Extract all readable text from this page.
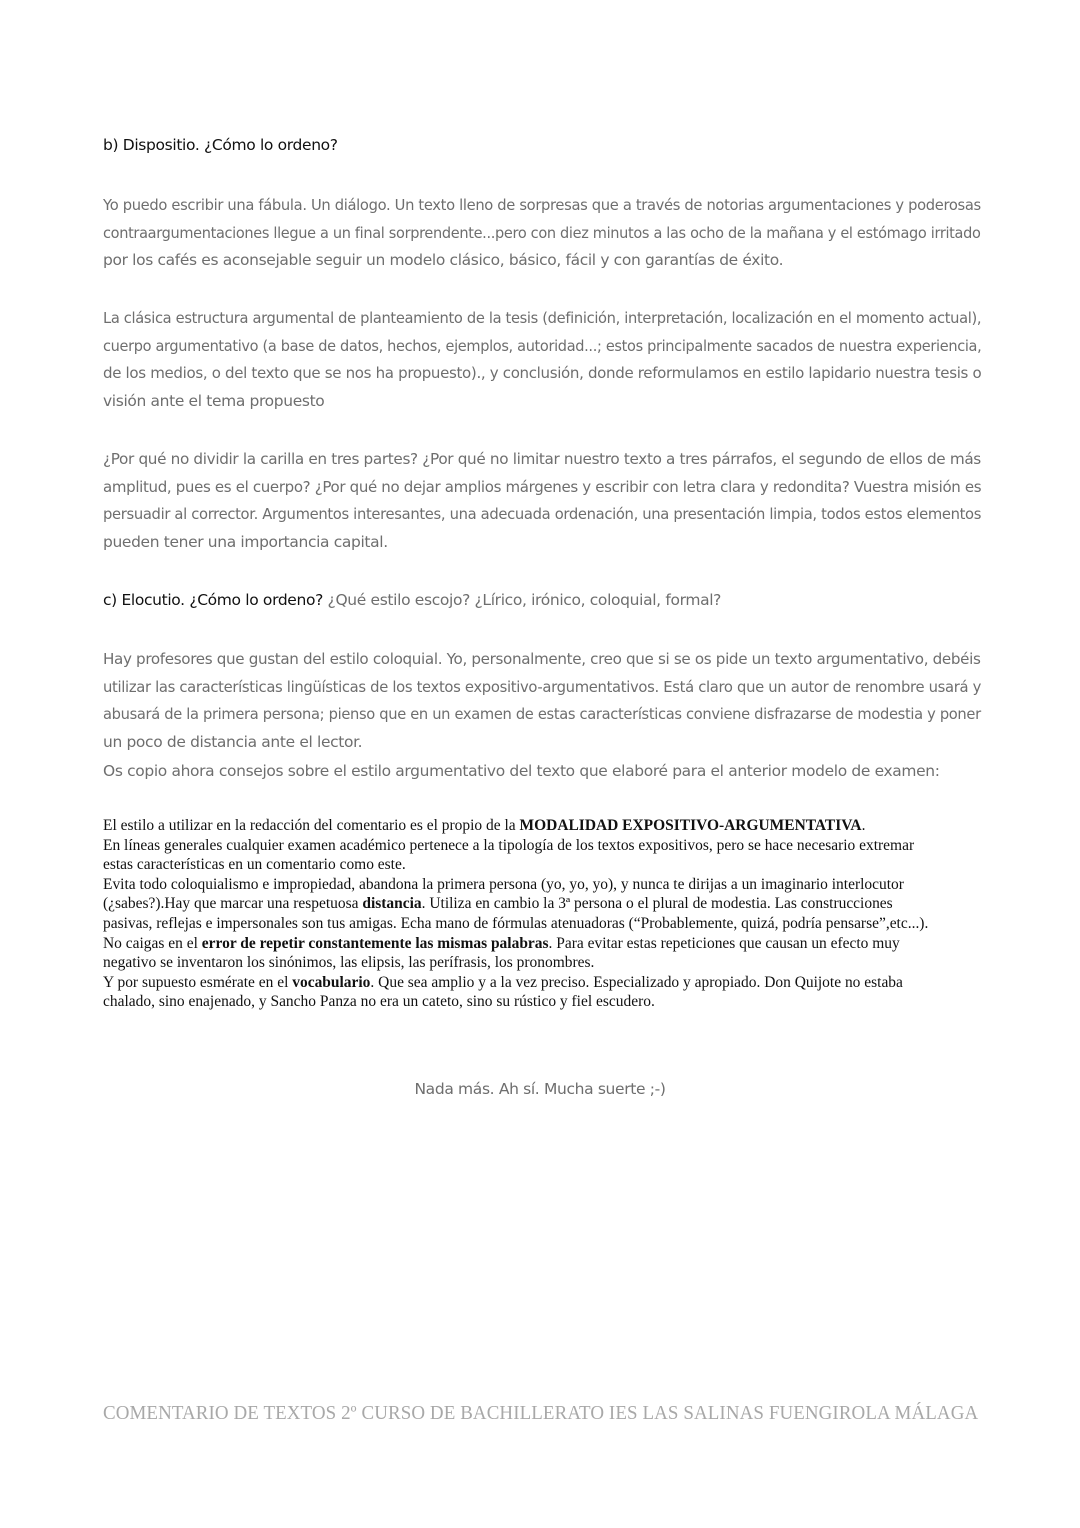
b) Dispositio. ¿Cómo lo ordeno?

Yo puedo escribir una fábula. Un diálogo. Un texto lleno de sorpresas que a través de notorias argumentaciones y poderosas
contraargumentaciones llegue a un final sorprendente...pero con diez minutos a las ocho de la mañana y el estómago irritado
por los cafés es aconsejable seguir un modelo clásico, básico, fácil y con garantías de éxito.

La clásica estructura argumental de planteamiento de la tesis (definición, interpretación, localización en el momento actual),
cuerpo argumentativo (a base de datos, hechos, ejemplos, autoridad...; estos principalmente sacados de nuestra experiencia,
de los medios, o del texto que se nos ha propuesto)., y conclusión, donde reformulamos en estilo lapidario nuestra tesis o
visión ante el tema propuesto

¿Por qué no dividir la carilla en tres partes? ¿Por qué no limitar nuestro texto a tres párrafos, el segundo de ellos de más
amplitud, pues es el cuerpo? ¿Por qué no dejar amplios márgenes y escribir con letra clara y redondita? Vuestra misión es
persuadir al corrector. Argumentos interesantes, una adecuada ordenación, una presentación limpia, todos estos elementos
pueden tener una importancia capital.

c) Elocutio. ¿Cómo lo ordeno? ¿Qué estilo escojo? ¿Lírico, irónico, coloquial, formal?

Hay profesores que gustan del estilo coloquial. Yo, personalmente, creo que si se os pide un texto argumentativo, debéis
utilizar las características lingüísticas de los textos expositivo-argumentativos. Está claro que un autor de renombre usará y
abusará de la primera persona; pienso que en un examen de estas características conviene disfrazarse de modestia y poner
un poco de distancia ante el lector.

Os copio ahora consejos sobre el estilo argumentativo del texto que elaboré para el anterior modelo de examen:

El estilo a utilizar en la redacción del comentario es el propio de la MODALIDAD EXPOSITIVO-ARGUMENTATIVA.
En líneas generales cualquier examen académico pertenece a la tipología de los textos expositivos, pero se hace necesario extremar
estas características en un comentario como este.
Evita todo coloquialismo e impropiedad, abandona la primera persona (yo, yo, yo), y nunca te dirijas a un imaginario interlocutor
(¿sabes?).Hay que marcar una respetuosa distancia. Utiliza en cambio la 3ª persona o el plural de modestia. Las construcciones
pasivas, reflejas e impersonales son tus amigas. Echa mano de fórmulas atenuadoras (“Probablemente, quizá, podría pensarse”,etc...).
No caigas en el error de repetir constantemente las mismas palabras. Para evitar estas repeticiones que causan un efecto muy
negativo se inventaron los sinónimos, las elipsis, las perífrasis, los pronombres.
Y por supuesto esmérate en el vocabulario. Que sea amplio y a la vez preciso. Especializado y apropiado. Don Quijote no estaba
chalado, sino enajenado, y Sancho Panza no era un cateto, sino su rústico y fiel escudero.

Nada más. Ah sí. Mucha suerte ;-)

COMENTARIO DE TEXTOS 2º CURSO DE BACHILLERATO IES LAS SALINAS FUENGIROLA MÁLAGA
